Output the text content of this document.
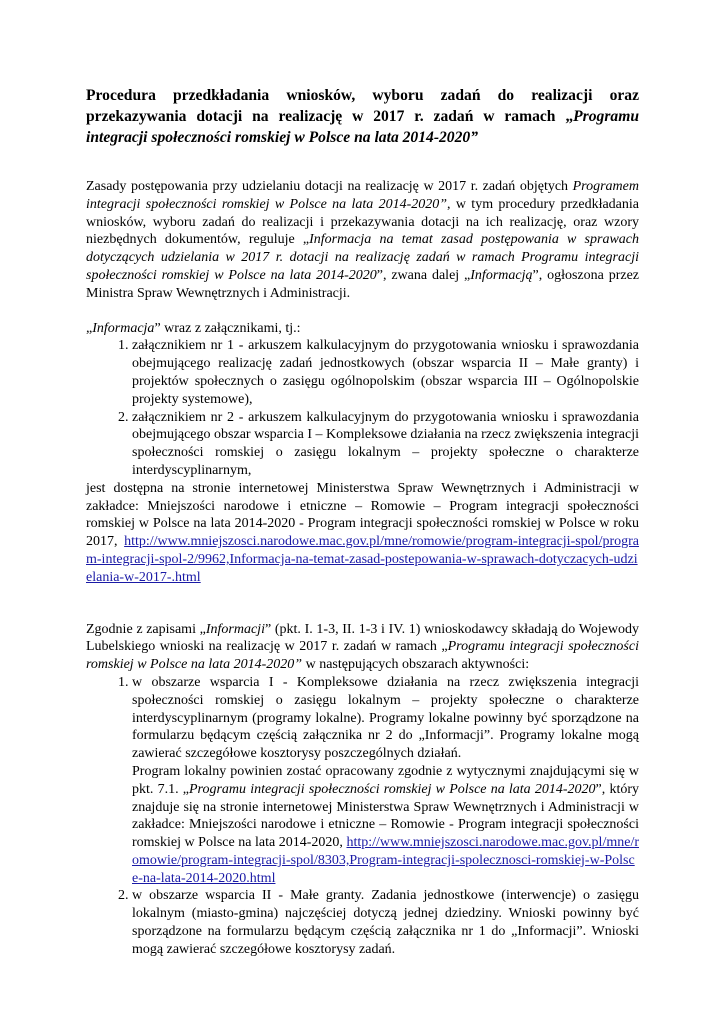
Procedura przedkładania wniosków, wyboru zadań do realizacji oraz przekazywania dotacji na realizację w 2017 r. zadań w ramach „Programu integracji społeczności romskiej w Polsce na lata 2014-2020”

Zasady postępowania przy udzielaniu dotacji na realizację w 2017 r. zadań objętych Programem integracji społeczności romskiej w Polsce na lata 2014-2020”, w tym procedury przedkładania wniosków, wyboru zadań do realizacji i przekazywania dotacji na ich realizację, oraz wzory niezbędnych dokumentów, reguluje „Informacja na temat zasad postępowania w sprawach dotyczących udzielania w 2017 r. dotacji na realizację zadań w ramach Programu integracji społeczności romskiej w Polsce na lata 2014-2020”, zwana dalej „Informacją”, ogłoszona przez Ministra Spraw Wewnętrznych i Administracji.

„Informacja” wraz z załącznikami, tj.:

1. załącznikiem nr 1 - arkuszem kalkulacyjnym do przygotowania wniosku i sprawozdania obejmującego realizację zadań jednostkowych (obszar wsparcia II – Małe granty) i projektów społecznych o zasięgu ogólnopolskim (obszar wsparcia III – Ogólnopolskie projekty systemowe),
2. załącznikiem nr 2 - arkuszem kalkulacyjnym do przygotowania wniosku i sprawozdania obejmującego obszar wsparcia I – Kompleksowe działania na rzecz zwiększenia integracji społeczności romskiej o zasięgu lokalnym – projekty społeczne o charakterze interdyscyplinarnym,

jest dostępna na stronie internetowej Ministerstwa Spraw Wewnętrznych i Administracji w zakładce: Mniejszości narodowe i etniczne – Romowie – Program integracji społeczności romskiej w Polsce na lata 2014-2020 - Program integracji społeczności romskiej w Polsce w roku 2017, http://www.mniejszosci.narodowe.mac.gov.pl/mne/romowie/program-integracji-spol/program-integracji-spol-2/9962,Informacja-na-temat-zasad-postepowania-w-sprawach-dotyczacych-udzielania-w-2017-.html

Zgodnie z zapisami „Informacji” (pkt. I. 1-3, II. 1-3 i IV. 1) wnioskodawcy składają do Wojewody Lubelskiego wnioski na realizację w 2017 r. zadań w ramach „Programu integracji społeczności romskiej w Polsce na lata 2014-2020” w następujących obszarach aktywności:

1. w obszarze wsparcia I - Kompleksowe działania na rzecz zwiększenia integracji społeczności romskiej o zasięgu lokalnym – projekty społeczne o charakterze interdyscyplinarnym (programy lokalne). Programy lokalne powinny być sporządzone na formularzu będącym częścią załącznika nr 2 do „Informacji”. Programy lokalne mogą zawierać szczegółowe kosztorysy poszczególnych działań.

Program lokalny powinien zostać opracowany zgodnie z wytycznymi znajdującymi się w pkt. 7.1. „Programu integracji społeczności romskiej w Polsce na lata 2014-2020”, który znajduje się na stronie internetowej Ministerstwa Spraw Wewnętrznych i Administracji w zakładce: Mniejszości narodowe i etniczne – Romowie - Program integracji społeczności romskiej w Polsce na lata 2014-2020, http://www.mniejszosci.narodowe.mac.gov.pl/mne/romowie/program-integracji-spol/8303,Program-integracji-spolecznosci-romskiej-w-Polsce-na-lata-2014-2020.html

2. w obszarze wsparcia II - Małe granty. Zadania jednostkowe (interwencje) o zasięgu lokalnym (miasto-gmina) najczęściej dotyczą jednej dziedziny. Wnioski powinny być sporządzone na formularzu będącym częścią załącznika nr 1 do „Informacji”. Wnioski mogą zawierać szczegółowe kosztorysy zadań.
